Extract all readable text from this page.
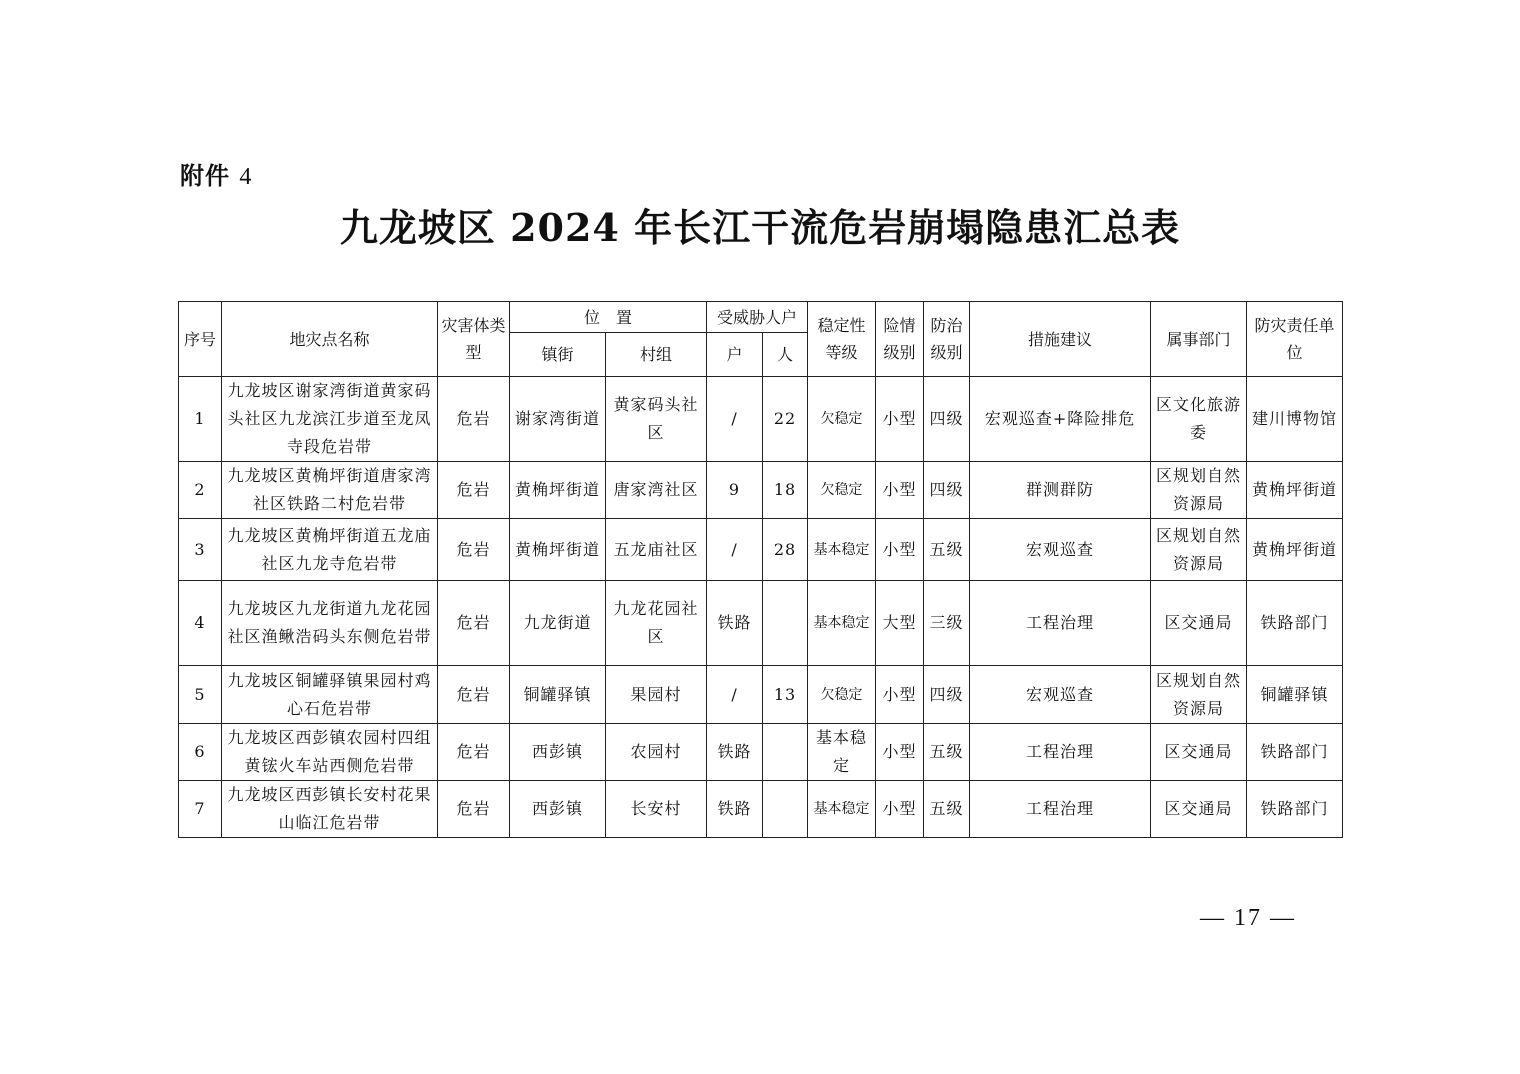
附件 4
九龙坡区 2024 年长江干流危岩崩塌隐患汇总表
序号	地灾点名称	灾害体类型	位　置		受威胁人户		稳定性等级	险情级别	防治级别	措施建议	属事部门	防灾责任单位
			镇街	村组	户	人						
1	九龙坡区谢家湾街道黄家码头社区九龙滨江步道至龙凤寺段危岩带	危岩	谢家湾街道	黄家码头社区	/	22	欠稳定	小型	四级	宏观巡查+降险排危	区文化旅游委	建川博物馆
2	九龙坡区黄桷坪街道唐家湾社区铁路二村危岩带	危岩	黄桷坪街道	唐家湾社区	9	18	欠稳定	小型	四级	群测群防	区规划自然资源局	黄桷坪街道
3	九龙坡区黄桷坪街道五龙庙社区九龙寺危岩带	危岩	黄桷坪街道	五龙庙社区	/	28	基本稳定	小型	五级	宏观巡查	区规划自然资源局	黄桷坪街道
4	九龙坡区九龙街道九龙花园社区渔鳅浩码头东侧危岩带	危岩	九龙街道	九龙花园社区	铁路		基本稳定	大型	三级	工程治理	区交通局	铁路部门
5	九龙坡区铜罐驿镇果园村鸡心石危岩带	危岩	铜罐驿镇	果园村	/	13	欠稳定	小型	四级	宏观巡查	区规划自然资源局	铜罐驿镇
6	九龙坡区西彭镇农园村四组黄𬭎火车站西侧危岩带	危岩	西彭镇	农园村	铁路		基本稳定	小型	五级	工程治理	区交通局	铁路部门
7	九龙坡区西彭镇长安村花果山临江危岩带	危岩	西彭镇	长安村	铁路		基本稳定	小型	五级	工程治理	区交通局	铁路部门
— 17 —
